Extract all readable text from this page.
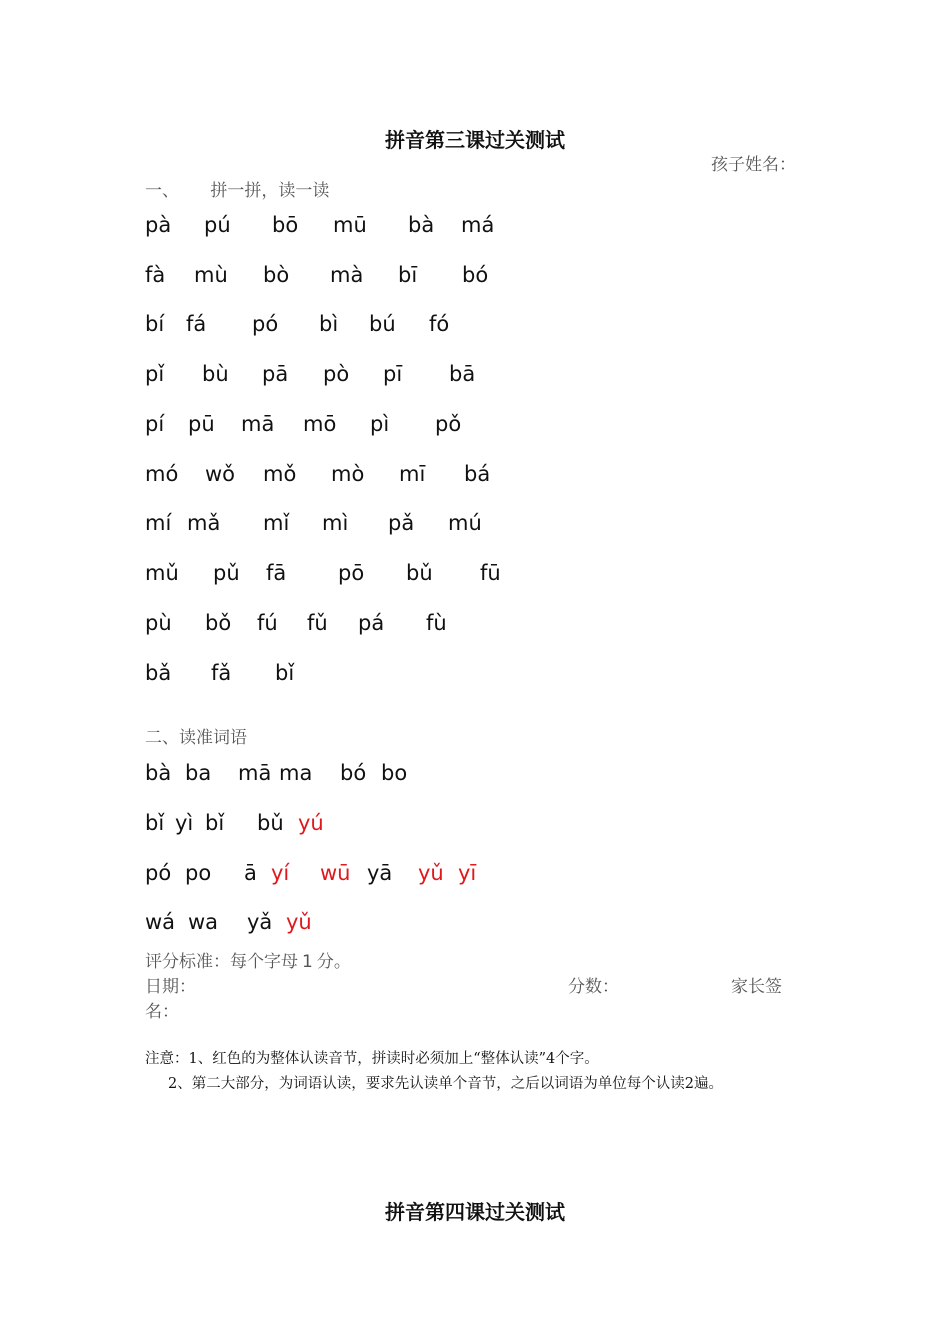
拼音第三课过关测试
孩子姓名：
一、 拼一拼，读一读
pà pú bō mū bà má
fà mù bò mà bī bó
bí fá pó bì bú fó
pǐ bù pā pò pī bā
pí pū mā mō pì pǒ
mó wǒ mǒ mò mī bá
mí mǎ mǐ mì pǎ mú
mǔ pǔ fā pō bǔ fū
pù bǒ fú fǔ pá fù
bǎ fǎ bǐ
二、读准词语
bà ba mā ma bó bo
bǐ yì bǐ bǔ yú
pó po ā yí wū yā yǔ yī
wá wa yǎ yǔ
评分标准：每个字母 1 分。
日期：	分数：	家长签
名：
注意：1、红色的为整体认读音节，拼读时必须加上“整体认读”4个字。
2、第二大部分，为词语认读，要求先认读单个音节，之后以词语为单位每个认读2遍。
拼音第四课过关测试
